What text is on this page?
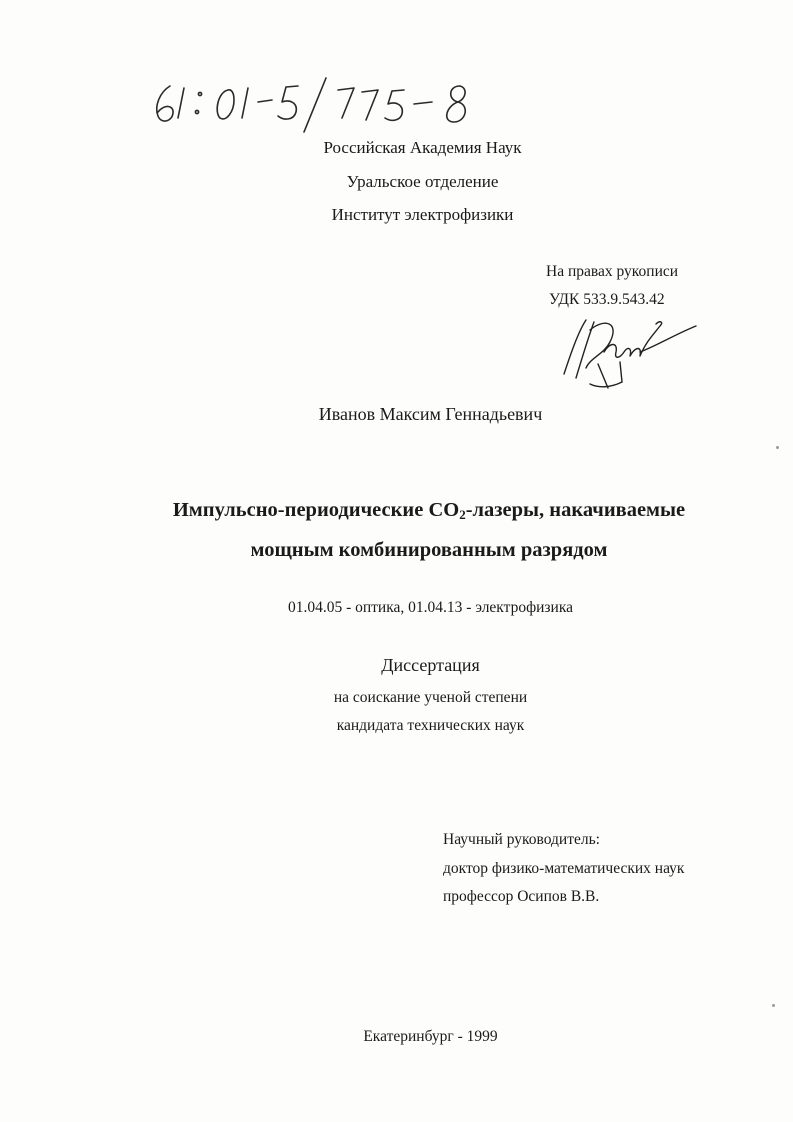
Российская Академия Наук
Уральское отделение
Институт электрофизики
На правах рукописи
УДК 533.9.543.42
Иванов Максим Геннадьевич
Импульсно-периодические $CO_2$-лазеры, накачиваемые
мощным комбинированным разрядом
01.04.05 - оптика, 01.04.13 - электрофизика
Диссертация
на соискание ученой степени
кандидата технических наук
Научный руководитель:
доктор физико-математических наук
профессор Осипов В.В.
Екатеринбург - 1999
